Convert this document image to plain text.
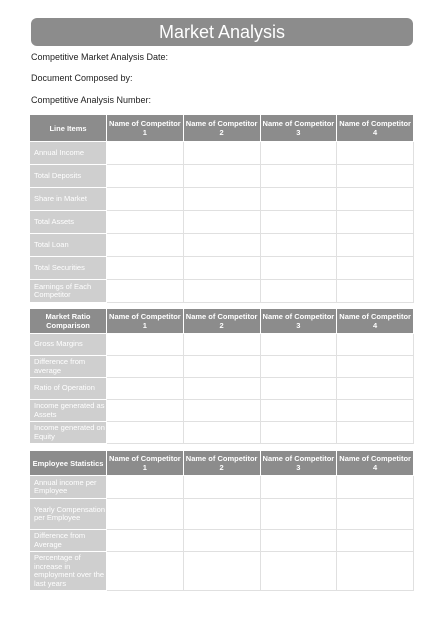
Market Analysis
Competitive Market Analysis Date:
Document Composed by:
Competitive Analysis Number:
Line Items	Name of Competitor 1	Name of Competitor 2	Name of Competitor 3	Name of Competitor 4
Annual Income				
Total Deposits				
Share in Market				
Total Assets				
Total Loan				
Total Securities				
Earnings of Each Competitor				
Market Ratio Comparison	Name of Competitor 1	Name of Competitor 2	Name of Competitor 3	Name of Competitor 4
Gross Margins				
Difference from average				
Ratio of Operation				
Income generated as Assets				
Income generated on Equity				
Employee Statistics	Name of Competitor 1	Name of Competitor 2	Name of Competitor 3	Name of Competitor 4
Annual income per Employee				
Yearly Compensation per Employee				
Difference from Average				
Percentage of increase in employment over the last years				
